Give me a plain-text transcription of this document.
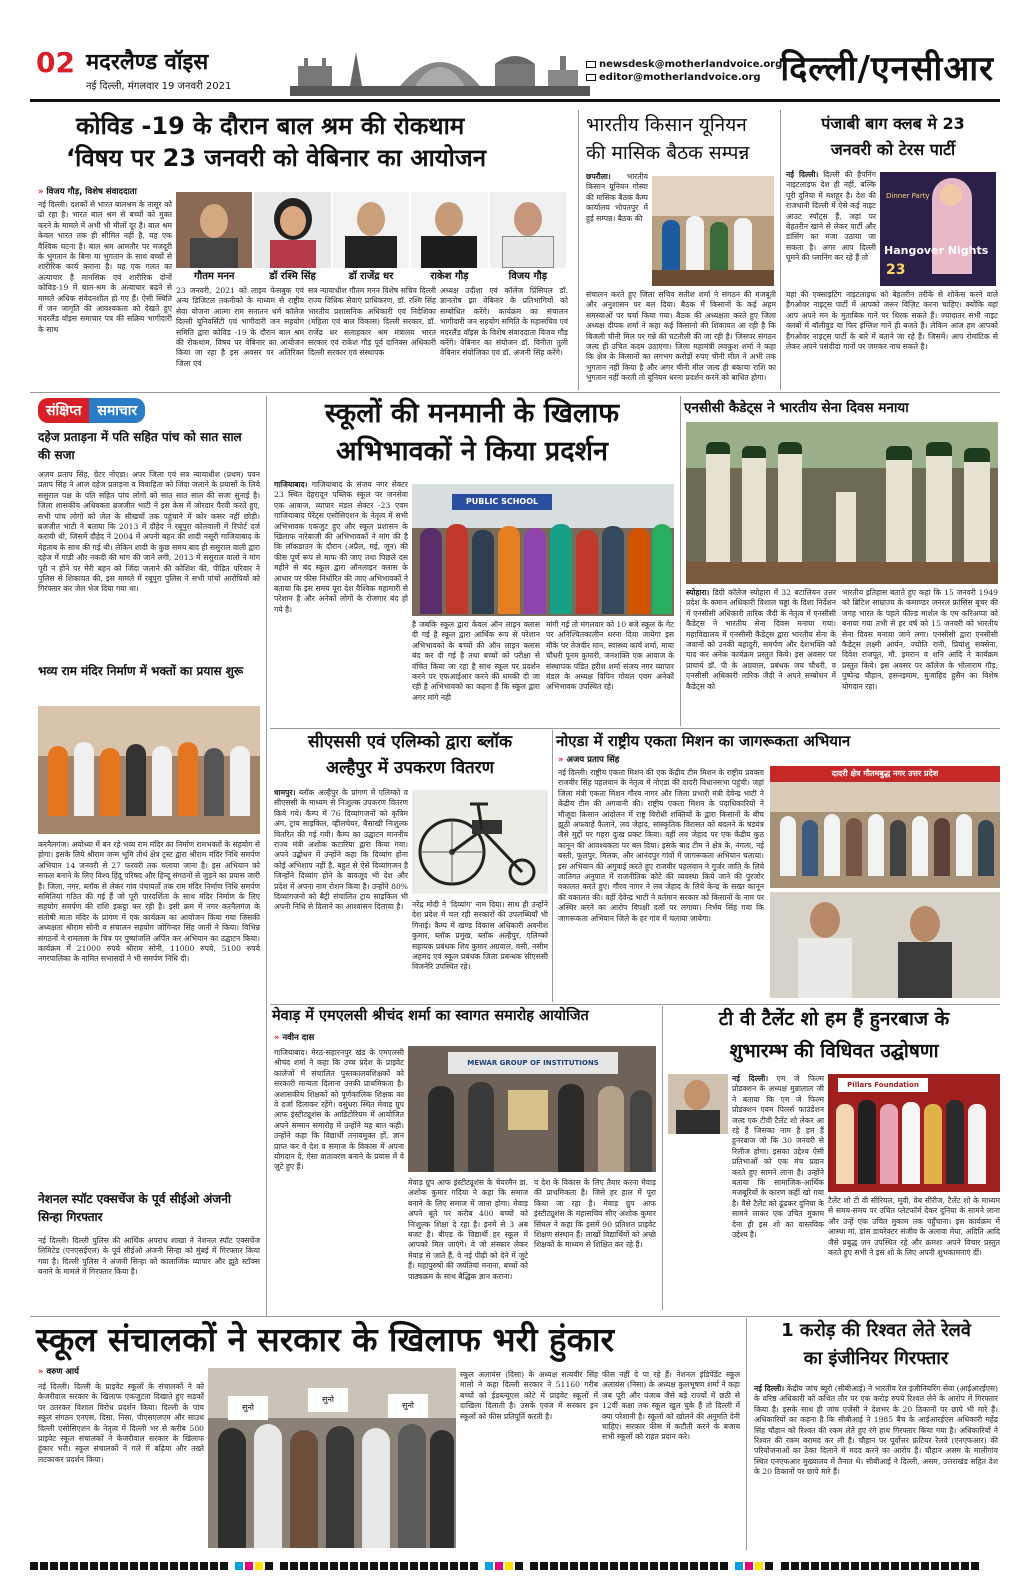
02 मदरलैण्ड वॉइस
नई दिल्ली, मंगलवार 19 जनवरी 2021
newsdesk@motherlandvoice.org
editor@motherlandvoice.org दिल्ली/एनसीआर
कोविड -19 के दौरान बाल श्रम की रोकथाम
‘विषय पर 23 जनवरी को वेबिनार का आयोजन
» विजय गौड़, विशेष संवाददाता
नई दिल्ली। दशकों से भारत बालश्रम के नासूर को ढो रहा है। भारत बाल श्रम से बच्चों को मुक्त करने के मामले में अभी भी मीलों दूर है। बाल श्रम केवल भारत तक ही सीमित नहीं है, यह एक वैश्विक घटना है। बाल श्रम आमतौर पर मजदूरी के भुगतान के बिना या भुगतान के साथ बच्चों से शारीरिक कार्य कराना है। यह एक गलत का अत्याचार है मानसिक एवं शारीरिक दोनों कोविड-19 में बाल-श्रम के अत्याचार बढ़ने से मामले अधिक संवेदनशील हो गए हैं। ऐसी स्थिति में जन जागृति की आवश्यकता को देखते हुए मदरलैंड वॉइस समाचार पत्र की सक्रिय भागीदारी के साथ
गौतम मनन	डॉ रश्मि सिंह	डॉ राजेंद्र धर	राकेश गौड़	विजय गौड़
23 जनवरी, 2021 को लाइव फेसबुक एवं अन्य डिजिटल तकनीको के माध्यम से राष्ट्रीय सेवा योजना आत्मा राम सनातन धर्म कॉलेज दिल्ली यूनिवर्सिटी एवं भागीदारी जन सहयोग समिति द्वारा कोविड -19 के दौरान बाल श्रम की रोकथाम, विषय पर वेबिनार का आयोजन किया जा रहा है इस अवसर पर अतिरिक्त जिला एवं
सत्र न्यायाधीश गौतम मनन विशेष सचिव दिल्ली राज्य विधिक सेवाएं प्राधिकरण, डॉ. रश्मि सिंह भारतीय प्रशासनिक अधिकारी एवं निदेशिका (महिला एवं बाल विकास) दिल्ली सरकार, डॉ. राजेंद्र धर सलाहकार श्रम मंत्रालय भारत सरकार एवं राकेश गौड़ पूर्व दानिक्स अधिकारी दिल्ली सरकार एवं संस्थापक
अध्यक्ष उदीशा एवं कॉलेज प्रिंसिपल डॉ. ज्ञानतोष झा वेबिनार के प्रतिभागियों को सम्बोधित करेंगे। कार्यक्रम का संचालन भागीदारी जन सहयोग समिति के महासचिव एवं मदरलैंड वॉइस के विशेष संवाददाता विजय गौड़ करेंगे। वेबिनार का संयोजन डॉ. विनीता तुली वेबिनार संयोजिका एवं डॉ. अंजनी सिंह करेंगे।
भारतीय किसान यूनियन
की मासिक बैठक सम्पन्न
छपरौला। भारतीय किसान यूनियन गोस्वा की मासिक बैठक कैम्प कार्यालय भोपतपुर में हुई सम्पन्न। बैठक की
संचालन करते हुए जिला सचिव सतीश शर्मा ने संगठन की मजबूती और अनुशासन पर बल दिया। बैठक में किसानों के कई अहम समस्याओं पर चर्चा किया गया। बैठक की अध्यक्षता करते हुए जिला अध्यक्ष दीपक शर्मा ने कहा कई किसानो की शिकायत आ रही है कि बिजली चीनी मिल पर गन्ने की घटतौली की जा रही है। जिसपर संगठन जल्द ही उचित कदम उठाएगा। जिला महामंत्री लवकुश शर्मा ने कहा कि क्षेत्र के किसानों का लगभग करोड़ों रुपए चीनी मील ने अभी तक भुगतान नहीं किया है और अगर चीनी मील जल्द ही बकाया राशि का भुगतान नहीं करती तो यूनियन धरना प्रदर्शन करने को बाधित होगा।
पंजाबी बाग क्लब मे 23
जनवरी को टेरस पार्टी
नई दिल्ली। दिल्ली की हैपनिंग नाइटलाइफ देश ही नहीं, बल्कि पूरी दुनिया में मशहूर है। देश की राजधानी दिल्ली में ऐसे कई नाइट आउट स्पॉट्स हैं, जहां पर बेहतरीन खाने से लेकर पार्टी और डांसिंग का मजा उठाया जा सकता है। अगर आप दिल्ली घूमने की प्लानिंग कर रहे हैं तो
Dinner Party
Hangover Nights
23
यहां की एक्साइटिंग नाइटलाइफ को बेहतरीन तरीके से शोकेस करने वाले हैंगओवर नाइट्स पार्टी में आपको जरूर विज़िट करना चाहिए। क्योंकि यहां आप अपने मन के मुताबिक गाने पर थिरक सकते हैं। ज्यादातर सभी नाइट क्लबों में बॉलीवुड या फिर इंग्लिश गानें ही बजते हैं। लेकिन आज हम आपको हैंगओवर नाइट्स पार्टी के बारे में बताने जा रहे हैं। जिसमें। आप रोमांटिक से लेकर अपने पसंदीदा गानों पर जमकर नाच सकते है।
संक्षिप्त	समाचार
दहेज प्रताड़ना में पति सहित पांच को सात साल की सजा
अजय प्रताप सिंह, ग्रेटर नोएडा। अपर जिला एवं सत्र न्यायाधीश (प्रथम) पवन प्रताप सिंह ने आज दहेज प्रताड़ना व विवाहिता को जिंदा जलाने के प्रयासों के लिये ससुराल पक्ष के पति सहित पांच लोगों को सात सात साल की सजा सुनाई है। जिला शासकीय अधिवक्ता ब्रजजीत भाटी ने इस केस में जोरदार पैरवी करते हुए, सभी पांच लोगों को जेल के सीखचों तक पहुंचाने में कोर कसर नहीं छोड़ी। ब्रजजीत भाटी ने बताया कि 2013 में दौहेद ने रबूपुरा कोतवाली में रिपोर्ट दर्ज करायी थी, जिसमें दौहेद ने 2004 में अपनी बहन की शादी नसूरी गाजियाबाद के मेहताब के साथ की गई थी। लेकिन शादी के कुछ समय बाद ही ससुराल वाली द्वारा दहेज में गाडी और नकदी की मांग की जाने लगी, 2013 में ससुराल वालो ने मांग पूरी न होने पर मेरी बहन को जिंदा जलाने की कोशिश की, पीड़ित परिवार ने पुलिस से शिकायत की, इस मामले में रबूपुरा पुलिस ने सभी पांचों आरोपियों को गिरफ्तार कर जेल भेज दिया गया था।
भव्य राम मंदिर निर्माण में भक्तों का प्रयास शुरू
करनैलगंज। अयोध्या में बन रहे भव्य राम मंदिर का निर्माण रामभक्तों के सहयोग से होगा। इसके लिये श्रीराम जन्म भूमि तीर्थ क्षेत्र ट्रस्ट द्वारा श्रीराम मंदिर निधि समर्पण अभियान 14 जनवरी से 27 फरवरी तक चलाया जाना है। इस अभियान को सफल बनाने के लिए विश्व हिंदू परिषद और हिन्दू संगठनों से जुड़ने का प्रयास जारी है। जिला, नगर, ब्लॉक से लेकर गांव पंचायतों तक राम मंदिर निर्माण निधि समर्पण समितियां गठित की गई हैं जो पूरी पारदर्शिता के साथ मंदिर निर्माण के लिए सहयोग समर्पण की राशि इकट्ठा कर रही है। इसी क्रम में नगर करनैलगंज के संतोषी माता मंदिर के प्रांगण में एक कार्यक्रम का आयोजन किया गया जिसकी अध्यक्षता श्रीराम सोनी व संचालन सहयोग जोगिन्दर सिंह जानी ने किया। विभिन्न संगठनों ने रामलला के चित्र पर पुष्पांजलि अर्पित कर अभियान का उद्घाटन किया। कार्यक्रम में 21000 रुपये श्रीराम सोनी, 11000 रुपये, 5100 रुपये नगरपालिका के नामित सभासदों ने भी समर्पण निधि दी।
नेशनल स्पॉट एक्सचेंज के पूर्व सीईओ अंजनी सिन्हा गिरफ्तार
नई दिल्ली। दिल्ली पुलिस की आर्थिक अपराध शाखा ने नेशनल स्पॉट एक्सचेंज लिमिटेड (एनएसईएल) के पूर्व सीईओ अंजनी सिन्हा को मुंबई में गिरफ्तार किया गया है। दिल्ली पुलिस ने अंजनी सिन्हा को कालाजिंक व्यापार और झूठे स्टॉक्स बनाने के मामले में गिरफ्तार किया है।
स्कूलों की मनमानी के खिलाफ
अभिभावकों ने किया प्रदर्शन
गाजियाबाद। गाजियाबाद के संजय नगर सेक्टर 23 स्थित देहरादून पब्लिक स्कूल पर जनसेवा एक आवाज, व्यापार मंडल सेक्टर -23 एवम गाजियाबाद पेरेंट्स एसोसिएशन के नेतृत्व में सभी अभिभावक एकजुट हुए और स्कूल प्रशासन के खिलाफ नारेबाजी की अभिभावकों ने मांग की है कि लॉकडाउन के दौरान (अप्रैल, मई, जून) की फीस पूर्ण रूप से माफ की जाए तथा पिछले दस महीने से बंद स्कूल द्वारा ऑनलाइन क्लास के आधार पर फीस निर्धारित की जाए अभिभावकों ने बताया कि इस समय पूरा देश वैश्विक महामारी से परेशान है और अनेकों लोगों के रोजगार बंद हो गये है।
PUBLIC SCHOOL
है जबकि स्कूल द्वारा केवल ऑन लाइन क्लास दी गई है स्कूल द्वारा आर्थिक रूप से परेशान अभिभावको के बच्चों की ऑन लाइन क्लास बंद कर दी गई है तथा बच्चों को परीक्षा से वंचित किया जा रहा है साथ स्कूल पर प्रदर्शन करने पर एफआईआर करने की धमकी दी जा रही है अभिभावको का कहना है कि स्कूल द्वारा अगर मांगे नही
मांगी गई तो मंगलवार को 10 बजे स्कूल के गेट पर अनिश्चितकालीन धरना दिया जायेगा इस मौके पर तेजवीर मान, स्वास्थ्य कार्य शर्मा, माया चौधरी पूनम कुमारी, जनशक्ति एक आवाज के संस्थापक पंडित हरीश शर्मा संजय नगर व्यापार मंडल के अध्यक्ष विपिन गोयल एवम अनेकों अभिभावक उपस्थित रहे।
एनसीसी कैडेट्स ने भारतीय सेना दिवस मनाया
स्योहारा। डिग्री कॉलेज स्योहारा में 32 बटालियन उत्तर प्रदेश के कमान अधिकारी विशाल चड्डा के दिशा निर्देशन में एनसीसी अधिकारी तारिक जैदी के नेतृत्व में एनसीसी कैडेट्स ने भारतीय सेना दिवस मनाया गया। महाविद्यालय में एनसीसी कैडेट्स द्वारा भारतीय सेना के जवानों को उनकी बहादुरी, समर्पण और देशभक्ति को याद कर अनेक कार्यक्रम प्रस्तुत किये। इस अवसर पर प्राचार्य डॉ. पी के अग्रवाल, प्रबंधक जय चौधरी, व एनसीसी अधिकारी तारिक जैदी ने अपने सम्बोधन में कैडेट्स को
भारतीय इतिहास बताते हुए कहा कि 15 जनवरी 1949 को ब्रिटिश साम्राज्य के कमाण्डर जनरल फ्रांसिस बूचर की जगह भारत के पहले फील्ड मार्शल के एम करिअप्पा को बनाया गया तभी से हर वर्ष को 15 जनवरी को भारतीय सेना दिवस मनाया जाने लगा। एनसीसी द्वारा एनसीसी कैडेट्स लक्ष्मी आर्यन, ज्योति रानी, प्रियांशु सक्सेना, दिवेश राजपूत, मौ. इमरान व शनि आदि ने कार्यक्रम प्रस्तुत किये। इस अवसर पर कॉलेज के भोलाराम गौड़, पुष्पेन्द्र चौहान, हसनइमाम, मुजाहिद हुसैन का विशेष योगदान रहा।
सीएससी एवं एलिम्को द्वारा ब्लॉक
अल्हैपुर में उपकरण वितरण
धामपुर। ब्लॉक अल्हैपुर के प्रांगण में एलिम्को व सीएससी के माध्यम से निःशुल्क उपकरण वितरण किये गये। कैम्प में 76 दिव्यांगजनों को कृत्रिम अंग, ट्राय साइकिल, व्हीलचेयर, बैसाखी निःशुल्क वितरित की गई गयी। कैम्प का उद्घाटन माननीय राज्य मंत्री अशोक कटारिया द्वारा किया गया। अपने उद्बोधन में उन्होंने कहा कि दिव्यांग होना कोई अभिशाप नहीं है, बहुत से ऐसे दिव्यांगजन है जिन्होंने दिव्यांग होने के बावजूद भी देश और प्रदेश में अपना नाम रोशन किया है। उन्होंने 80% दिव्यांगजनो को बैट्री संचालित ट्राय साइकिल भी अपनी निधि से दिलाने का आश्वासन दिलाया है।	नरेंद्र मोदी ने 'दिव्यांग' नाम दिया। साथ ही उन्होंने देश प्रदेश में चल रही सरकारों की उपलब्धियाँ भी गिनाई। कैम्प में खण्ड विकास अधिकारी अवनीश कुमार, ब्लॉक प्रमुख, ब्लॉक अल्हैपुर, एलिम्को सहायक प्रबंधक शिव कुमार अग्रवाल, वसी, नसीम अहमद एवं स्कूल प्रबंधक जिला प्रबन्धक सीएससी विजनेरि उपस्थित रहे।
नोएडा में राष्ट्रीय एकता मिशन का जागरूकता अभियान
» अजय प्रताप सिंह
नई दिल्ली। राष्ट्रीय एकता मिशन की एक केंद्रीय टीम मिशन के राष्ट्रीय प्रवक्ता राजवीर सिंह पहलवान के नेतृत्व में नोएडा की दादरी विधानसभा पहुंची। जहां जिला मंत्री एकता मिशन गौरव नागर और जिला प्रभारी मंत्री देवेन्द्र भाटी ने केंद्रीय टीम की अगवानी की। राष्ट्रीय एकता मिशन के पदाधिकारियों ने मौजूदा किसान आंदोलन में राष्ट्र विरोधी शक्तियों के द्वारा किसानों के बीच झूठी अफवाहें फैलाने, लव जेहाद, सांस्कृतिक विरासत को बदलने के षडयंत्र जैसे मुद्दों पर गहरा दुःख प्रकट किया। वहीं लव जेहाद पर एक केंद्रीय कुठ कानून की आवश्यकता पर बल दिया। इसके बाद टीम ने क्षेत्र के, नंगला, नई बस्ती, फूलपुर, मिलक, और आनंदपुर गांवों में जागरूकता अभियान चलाया। इस अभियान की अगुवाई करते हुए राजवीर पहलवान ने गुर्जर जाति के लिये जातिगत अनुपात में राजनीतिक कोटे की व्यवस्था किये जाने की पुरजोर वकालत करते हुए। गौरव नागर ने लव जेहाद के लिये केन्द्र के सख्त कानून की वकालत की। वहीं देवेन्द्र भाटी ने वर्तमान सरकार को किसानों के नाम पर अस्थिर करने का आरोप विपक्षी दलों पर लगाया। निर्भय सिंह गया कि जागरूकता अभियान जिले के हर गांव में चलाया जायेगा।
दादरी क्षेत्र गौतमबुद्ध नगर उत्तर प्रदेश
मेवाड़ में एमएलसी श्रीचंद शर्मा का स्वागत समारोह आयोजित
» नवीन दास
गाजियाबाद। मेरठ-सहारनपुर खंड के एमएलसी श्रीचंद शर्मा ने कहा कि उच्च प्रदेश के प्राइवेट कालेजों में संचालित पुस्तकालयशिक्षकों को सरकारी मान्यता दिलाना उनकी प्राथमिकता है। अशासकीय शिक्षकों को पूर्णकालिक शिक्षक का वे दर्जा दिलाकर रहेंगे। वसुंधरा स्थित मेवाड़ ग्रुप आफ इंस्टीट्यूशंस के आडिटोरियम में आयोजित अपने सम्मान समारोह में उन्होंने यह बात कही। उन्होंने कहा कि विद्यार्थी तनावमुक्त हों, ज्ञान प्राप्त कर वे देश व समाज के विकास में अपना योगदान दें, ऐसा वातावरण बनाने के प्रयास में वे जुटे हुए हैं।
MEWAR GROUP OF INSTITUTIONS
मेवाड़ ग्रुप आफ इंस्टीट्यूशंस के चेयरमैन डा. अशोक कुमार गदिया ने कहा कि समाज बनाने के लिए समाज में जाना होगा। मेवाड़ अपने बूते पर करीब 400 बच्चों को निःशुल्क शिक्षा दे रहा है। इनमें से 3 अब बजट है। बीएड के विद्यार्थी हर स्कूल में आपको मिल जाएंगे। वे जो संस्कार लेकर मेवाड़ से जाते हैं, वे नई पीढ़ी को देने में जुटे हैं। महापुरुषों की जयंतियां मनाना, बच्चों को पाठ्यक्रम के साथ बैद्धिक ज्ञान कराना।
व देश के विकास के लिए तैयार करना मेवाड़ की प्राथमिकता है। जिसे हर हाल में पूरा किया जा रहा है। मेवाड़ ग्रुप आफ इंस्टीट्यूशंस के महासचिव सीए अशोक कुमार सिंघल ने कहा कि इसमें 90 प्रतिशत प्राइवेट शिक्षण संस्थान हैं। लाखों विद्यार्थियों को अच्छे शिक्षकों के माध्यम से शिक्षित कर रहे हैं।
टी वी टैलेंट शो हम हैं हुनरबाज के
शुभारम्भ की विधिवत उद्घोषणा
नई दिल्ली। एम जे फिल्म प्रोडक्शन के अध्यक्ष मुन्नालाल जी ने बताया कि एम जे फिल्म प्रोडक्शन एवम पिलर्स फाउंडेशन जल्द एक टीवी टैलेंट शो लेकर आ रहे हैं जिसका नाम है हम हैं हुनरबाज जो कि 30 जनवरी से रिलीज होगा। इसका उद्देश्य ऐसी प्रतिभाओं को एक मंच प्रदान करते हुए सामने लाना है। उन्होंने बताया कि सामाजिक-आर्थिक मजबूरियों के कारण कहीं खो गया है। वैसे टैलेंट को ढूंढकर दुनिया के सामने लाकर एक उचित मुकाम देना ही इस शो का वास्तविक उद्देश्य है।
Pillars Foundation
टैलेंट शो टी वी सीरियल, मूवी, वेब सीरीज, टैलेंट शो के माध्यम से समय-समय पर उचित प्लेटफॉर्म देकर दुनिया के सामने लाना और उन्हें एक उचित मुकाम तक पहुँचाना। इस कार्यक्रम में आस्था मां, डांस डायरेक्टर संजीव के अलावा मेघा, अदिति आदि जैसे प्रबुद्ध जन उपस्थित रहे और क्रमशः अपने विचार प्रस्तुत करते हुए सभी ने इस शो के लिए अपनी शुभकामनाएं दीं।
स्कूल संचालकों ने सरकार के खिलाफ भरी हुंकार
» वरुण आर्य
नई दिल्ली। दिल्ली के प्राइवेट स्कूलों के संचालकों ने को केजरीवाल सरकार के खिलाफ एकजुटता दिखाते हुए सड़कों पर उतरकर विशाल विरोध प्रदर्शन किया। दिल्ली के पांच स्कूल संगठन एनएस, दिसा, निसा, पीएसएलएम और साउथ दिल्ली एसोसिएशन के नेतृत्व में दिल्ली भर से करीब 500 प्राइवेट स्कूल संचालकों ने केजरीवाल सरकार के खिलाफ हुंकार भरी। स्कूल संचालकों ने गले में बढ़िया और तख्ते लटकाकर प्रदर्शन किया।
सुनो
सुनो
सुनो
स्कूल अलायंस (दिसा) के अध्यक्ष सत्यवीर सिंह मालो ने कहा दिल्ली सरकार ने 51160 गरीब बच्चों को ईडब्ल्यूएस कोटे में प्राइवेट स्कूलों में दाखिला दिलाती है। उसके एवज में सरकार इन स्कूलों को फीस प्रतिपूर्ति करती है।
फीस नहीं दे पा रहे हैं। नेशनल इंडिपेंडेंट स्कूल अलायंस (निसा) के अध्यक्ष कुलभूषण शर्मा ने कहा जब पूरी और पंजाब जैसे बड़े राज्यों में छठी से 12वीं कक्षा तक स्कूल खुल चुके हैं तो दिल्ली में क्या परेशानी है। स्कूलों को खोलने की अनुमति देनी चाहिए। सरकार फीस में कटौती करने के बजाय सभी स्कूलों को राहत प्रदान करे।
1 करोड़ की रिश्वत लेते रेलवे
का इंजीनियर गिरफ्तार
नई दिल्ली। केंद्रीय जांच ब्यूरो (सीबीआई) ने भारतीय रेल इंजीनियरिंग सेवा (आईआरईएस) के वरिष्ठ अधिकारी को कथित तौर पर एक करोड़ रुपये रिश्वत लेने के आरोप में गिरफ्तार किया है। इसके साथ ही जांच एजेंसी ने देशभर के 20 ठिकानों पर छापे भी मारे हैं। अधिकारियों का कहना है कि सीबीआई ने 1985 बैच के आईआरईएस अधिकारी महेंद्र सिंह चौहान को रिश्वत की रकम लेते हुए रंगे हाथ गिरफ्तार किया गया है। अधिकारियों ने रिश्वत की रकम बरामद कर ली है। चौहान पर पूर्वोत्तर फ्रंटियर रेलवे (एनएफआर) की परियोजनाओं का ठेका दिलाने में मदद करने का आरोप है। चौहान असम के मालीगांव स्थित एनएफआर मुख्यालय में तैनात थे। सीबीआई ने दिल्ली, असम, उत्तराखंड सहित देश के 20 ठिकानों पर छापे मारे हैं।
